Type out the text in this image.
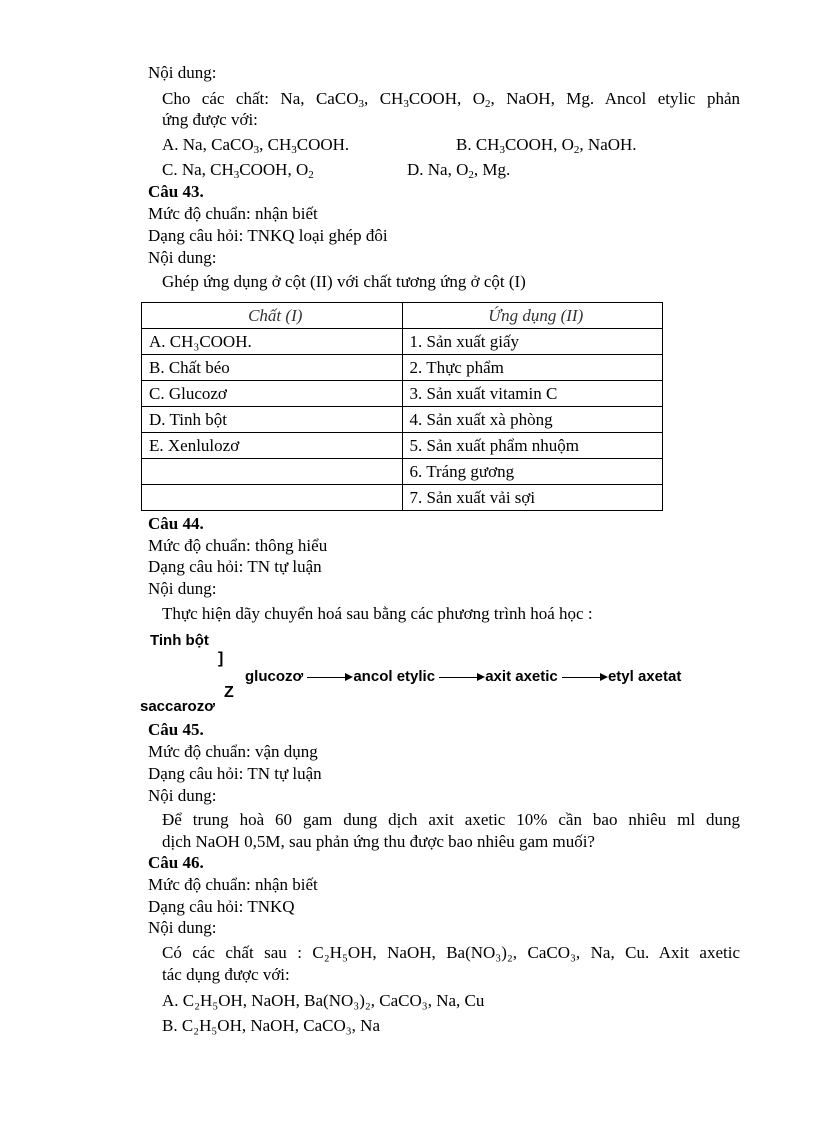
Nội dung:
Cho các chất: Na, CaCO$_3$, $CH_3COOH$, $O_2$, NaOH, Mg. Ancol etylic phản
ứng được với:
A. Na, CaCO$_3$, $CH_3COOH$.	B. $CH_3COOH$, $O_2$, NaOH.
C. Na, $CH_3COOH$, $O_2$	D. Na, $O_2$, Mg.
Câu 43.
Mức độ chuẩn: nhận biết
Dạng câu hỏi: TNKQ loại ghép đôi
Nội dung:
Ghép ứng dụng ở cột (II) với chất tương ứng ở cột (I)
Chất (I)	Ứng dụng (II)
A. CH₃COOH.	1. Sản xuất giấy
B. Chất béo	2. Thực phẩm
C. Glucozơ	3. Sản xuất vitamin C
D. Tinh bột	4. Sản xuất xà phòng
E. Xenlulozơ	5. Sản xuất phẩm nhuộm
	6. Tráng gương
	7. Sản xuất vải sợi
Câu 44.
Mức độ chuẩn: thông hiểu
Dạng câu hỏi: TN tự luận
Nội dung:
Thực hiện dãy chuyển hoá sau bằng các phương trình hoá học :
Tinh bột
]
Z
saccarozơ
glucozơ	ancol etylic	axit axetic	etyl axetat
Câu 45.
Mức độ chuẩn: vận dụng
Dạng câu hỏi: TN tự luận
Nội dung:
Để trung hoà 60 gam dung dịch axit axetic 10% cần bao nhiêu ml dung
dịch NaOH 0,5M, sau phản ứng thu được bao nhiêu gam muối?
Câu 46.
Mức độ chuẩn: nhận biết
Dạng câu hỏi: TNKQ
Nội dung:
Có các chất sau : C₂H₅OH, NaOH, Ba(NO₃)₂, CaCO₃, Na, Cu. Axit axetic
tác dụng được với:
A. C₂H₅OH, NaOH, Ba(NO₃)₂, CaCO₃, Na, Cu
B. C₂H₅OH, NaOH, CaCO₃, Na
